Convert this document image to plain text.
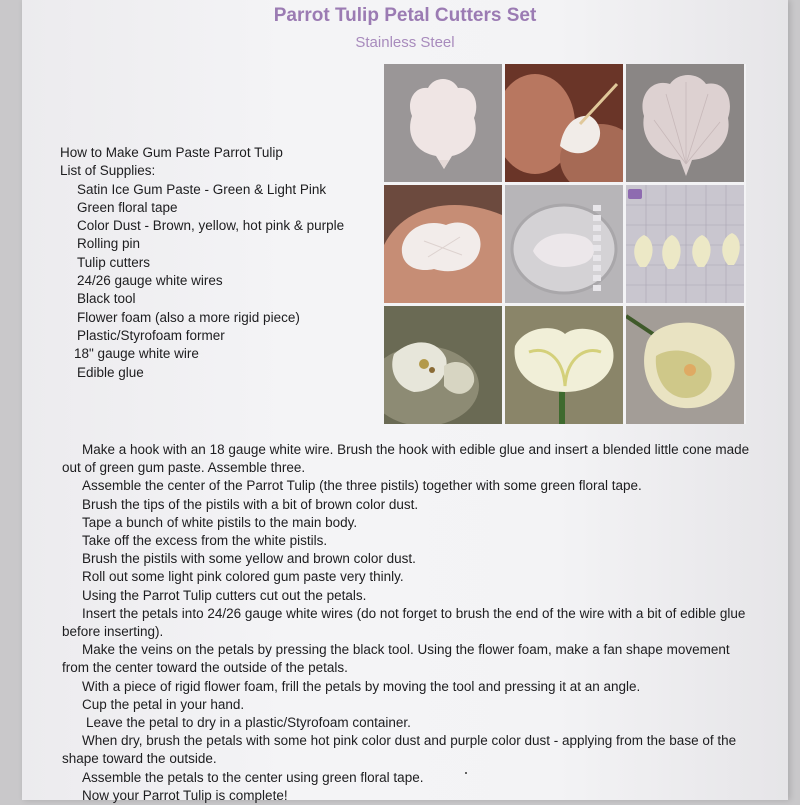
Parrot Tulip Petal Cutters Set
Stainless Steel
How to Make Gum Paste Parrot Tulip
List of Supplies:
Satin Ice Gum Paste - Green & Light Pink
Green floral tape
Color Dust - Brown, yellow, hot pink & purple
Rolling pin
Tulip cutters
24/26 gauge white wires
Black tool
Flower foam (also a more rigid piece)
Plastic/Styrofoam former
18" gauge white wire
Edible glue
Make a hook with an 18 gauge white wire. Brush the hook with edible glue and insert a blended little cone made out of green gum paste. Assemble three.
Assemble the center of the Parrot Tulip (the three pistils) together with some green floral tape.
Brush the tips of the pistils with a bit of brown color dust.
Tape a bunch of white pistils to the main body.
Take off the excess from the white pistils.
Brush the pistils with some yellow and brown color dust.
Roll out some light pink colored gum paste very thinly.
Using the Parrot Tulip cutters cut out the petals.
Insert the petals into 24/26 gauge white wires (do not forget to brush the end of the wire with a bit of edible glue before inserting).
Make the veins on the petals by pressing the black tool. Using the flower foam, make a fan shape movement from the center toward the outside of the petals.
With a piece of rigid flower foam, frill the petals by moving the tool and pressing it at an angle.
Cup the petal in your hand.
Leave the petal to dry in a plastic/Styrofoam container.
When dry, brush the petals with some hot pink color dust and purple color dust - applying from the base of the shape toward the outside.
Assemble the petals to the center using green floral tape.
Now your Parrot Tulip is complete!
